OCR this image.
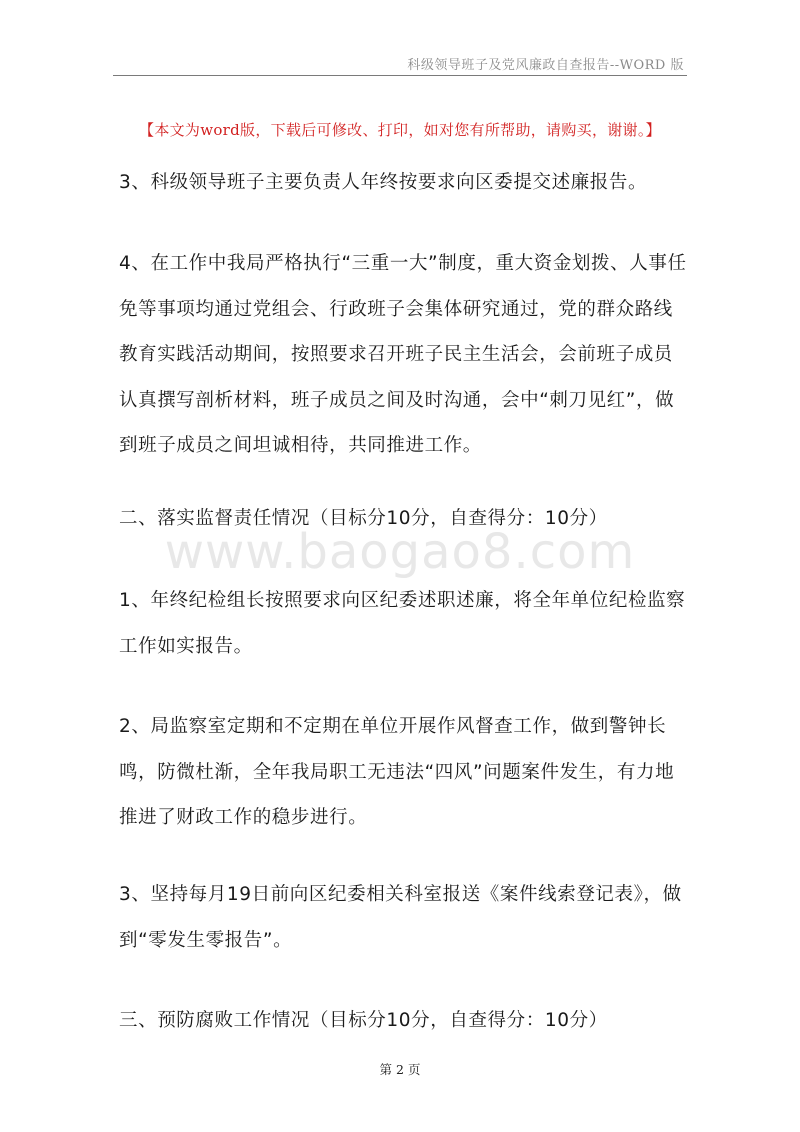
科级领导班子及党风廉政自查报告--WORD 版
【本文为word版，下载后可修改、打印，如对您有所帮助，请购买，谢谢。】

3、科级领导班子主要负责人年终按要求向区委提交述廉报告。

4、在工作中我局严格执行“三重一大”制度，重大资金划拨、人事任免等事项均通过党组会、行政班子会集体研究通过，党的群众路线教育实践活动期间，按照要求召开班子民主生活会，会前班子成员认真撰写剖析材料，班子成员之间及时沟通，会中“刺刀见红”，做到班子成员之间坦诚相待，共同推进工作。

二、落实监督责任情况（目标分10分，自查得分：10分）

www.baogao8.com

1、年终纪检组长按照要求向区纪委述职述廉，将全年单位纪检监察工作如实报告。

2、局监察室定期和不定期在单位开展作风督查工作，做到警钟长鸣，防微杜渐，全年我局职工无违法“四风”问题案件发生，有力地推进了财政工作的稳步进行。

3、坚持每月19日前向区纪委相关科室报送《案件线索登记表》，做到“零发生零报告”。

三、预防腐败工作情况（目标分10分，自查得分：10分）

第 2 页
